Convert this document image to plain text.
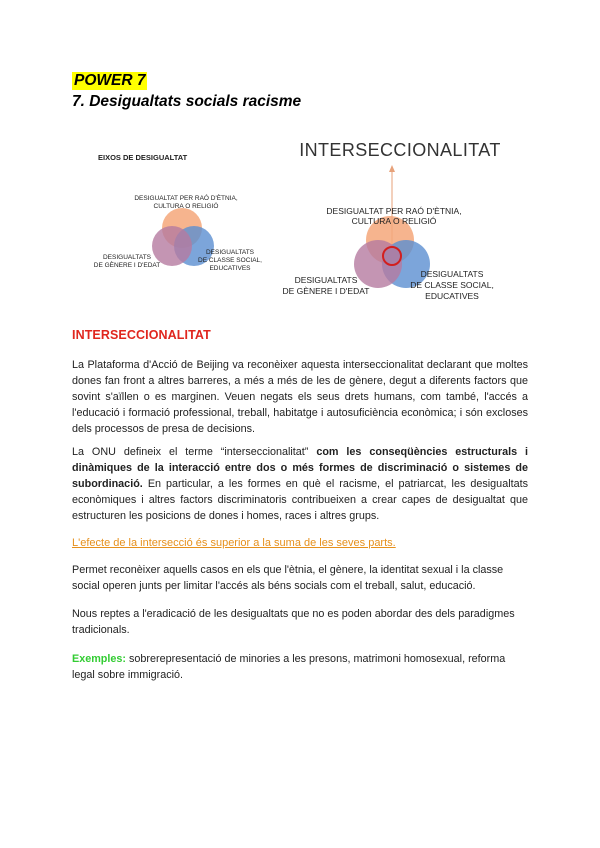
POWER 7
7. Desigualtats socials racisme
EIXOS DE DESIGUALTAT
DESIGUALTAT PER RAÓ D'ÈTNIA,
CULTURA O RELIGIÓ
DESIGUALTATS
DE GÈNERE I D'EDAT
DESIGUALTATS
DE CLASSE SOCIAL,
EDUCATIVES
INTERSECCIONALITAT
DESIGUALTAT PER RAÓ D'ÈTNIA,
CULTURA O RELIGIÓ
DESIGUALTATS
DE GÈNERE I D'EDAT
DESIGUALTATS
DE CLASSE SOCIAL,
EDUCATIVES
INTERSECCIONALITAT

La Plataforma d'Acció de Beijing va reconèixer aquesta interseccionalitat declarant que moltes dones fan front a altres barreres, a més a més de les de gènere, degut a diferents factors que sovint s'aïllen o es marginen. Veuen negats els seus drets humans, com també, l'accés a l'educació i formació professional, treball, habitatge i autosuficiència econòmica; i són excloses dels processos de presa de decisions.

La ONU defineix el terme “interseccionalitat” com les conseqüències estructurals i dinàmiques de la interacció entre dos o més formes de discriminació o sistemes de subordinació. En particular, a les formes en què el racisme, el patriarcat, les desigualtats econòmiques i altres factors discriminatoris contribueixen a crear capes de desigualtat que estructuren les posicions de dones i homes, races i altres grups.

L'efecte de la intersecció és superior a la suma de les seves parts.

Permet reconèixer aquells casos en els que l'ètnia, el gènere, la identitat sexual i la classe social operen junts per limitar l'accés als béns socials com el treball, salut, educació.

Nous reptes a l'eradicació de les desigualtats que no es poden abordar des dels paradigmes tradicionals.

Exemples: sobrerepresentació de minories a les presons, matrimoni homosexual, reforma legal sobre immigració.
